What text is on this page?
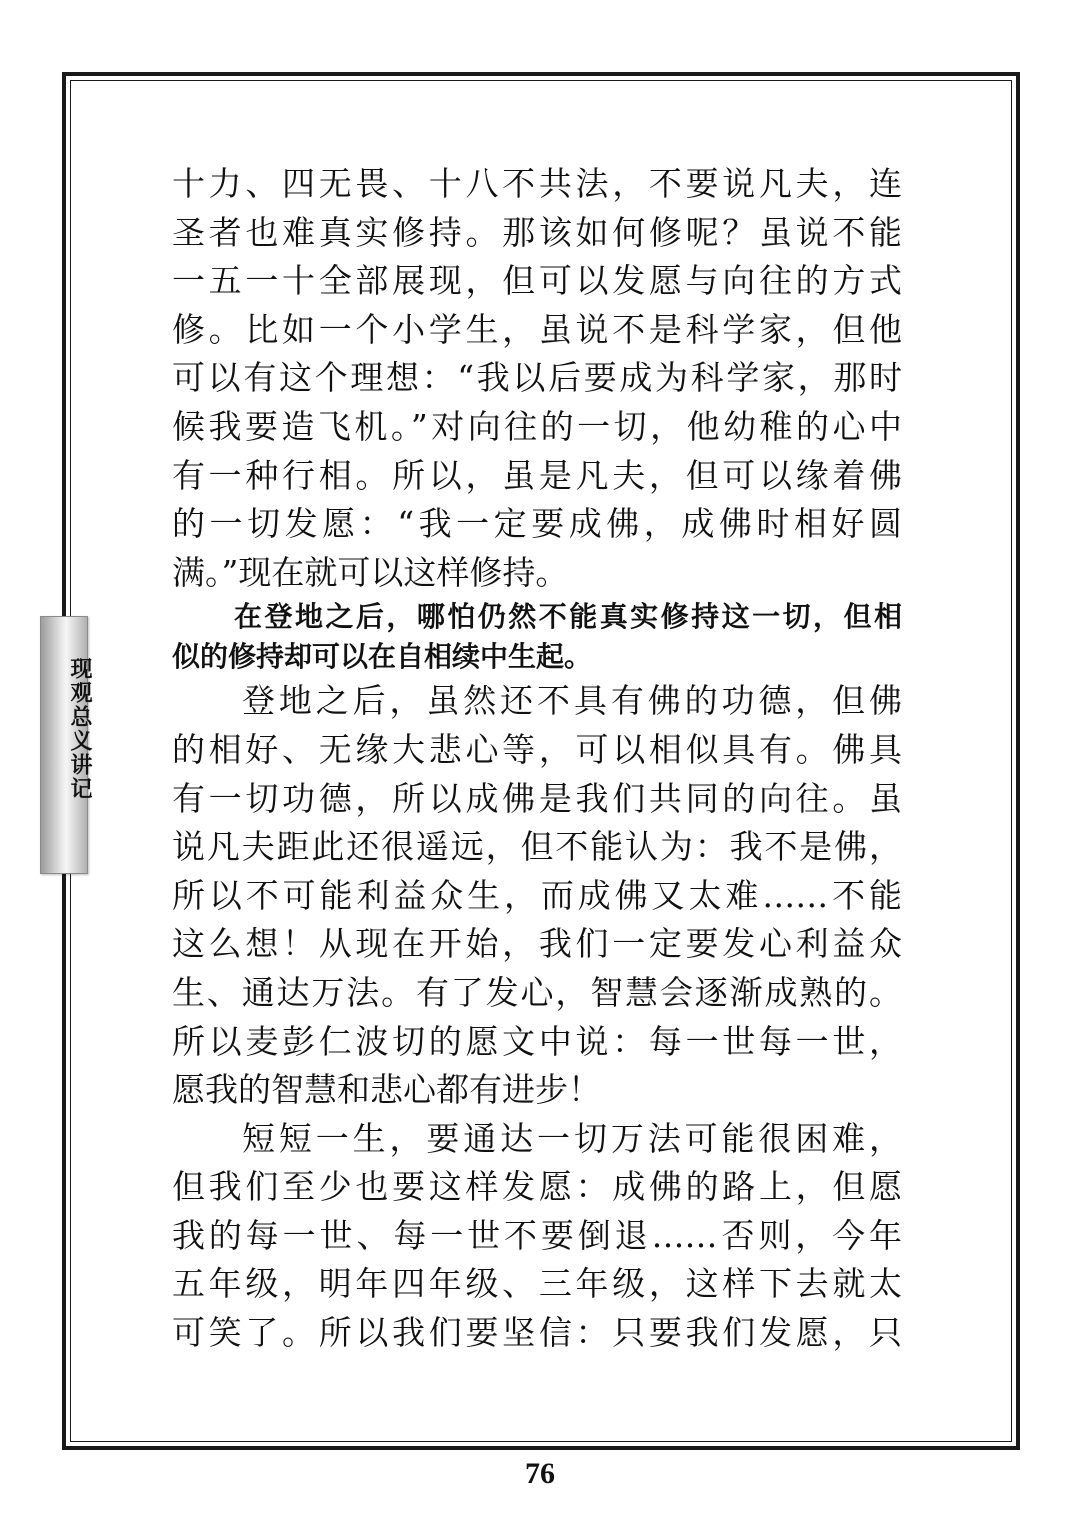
现观总义讲记
十力、四无畏、十八不共法，不要说凡夫，连
圣者也难真实修持。那该如何修呢？虽说不能
一五一十全部展现，但可以发愿与向往的方式
修。比如一个小学生，虽说不是科学家，但他
可以有这个理想：“我以后要成为科学家，那时
候我要造飞机。”对向往的一切，他幼稚的心中
有一种行相。所以，虽是凡夫，但可以缘着佛
的一切发愿：“我一定要成佛，成佛时相好圆
满。”现在就可以这样修持。
在登地之后，哪怕仍然不能真实修持这一切，但相
似的修持却可以在自相续中生起。
登地之后，虽然还不具有佛的功德，但佛
的相好、无缘大悲心等，可以相似具有。佛具
有一切功德，所以成佛是我们共同的向往。虽
说凡夫距此还很遥远，但不能认为：我不是佛，
所以不可能利益众生，而成佛又太难……不能
这么想！从现在开始，我们一定要发心利益众
生、通达万法。有了发心，智慧会逐渐成熟的。
所以麦彭仁波切的愿文中说：每一世每一世，
愿我的智慧和悲心都有进步！
短短一生，要通达一切万法可能很困难，
但我们至少也要这样发愿：成佛的路上，但愿
我的每一世、每一世不要倒退……否则，今年
五年级，明年四年级、三年级，这样下去就太
可笑了。所以我们要坚信：只要我们发愿，只
76
